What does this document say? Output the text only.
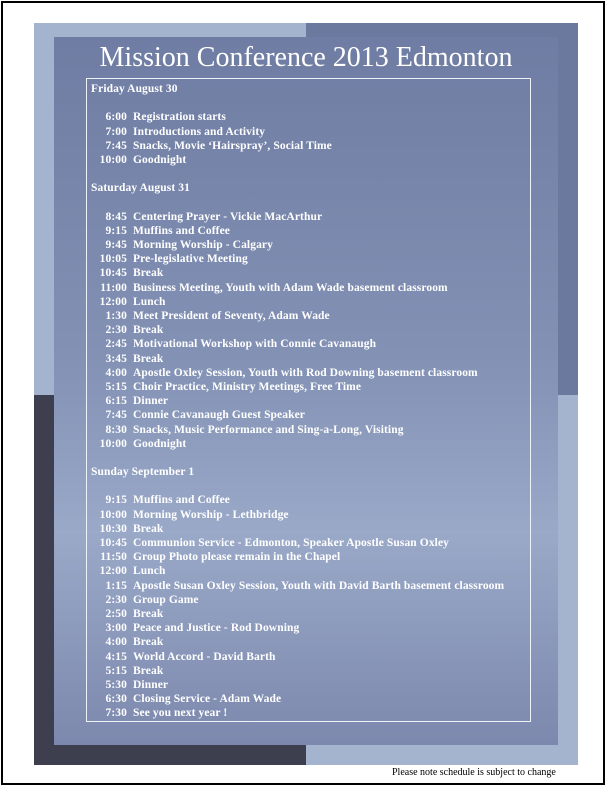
Mission Conference 2013 Edmonton
Friday August 30
6:00 Registration starts
7:00 Introductions and Activity
7:45 Snacks, Movie ‘Hairspray’, Social Time
10:00 Goodnight
Saturday August 31
8:45 Centering Prayer - Vickie MacArthur
9:15 Muffins and Coffee
9:45 Morning Worship - Calgary
10:05 Pre-legislative Meeting
10:45 Break
11:00 Business Meeting, Youth with Adam Wade basement classroom
12:00 Lunch
1:30 Meet President of Seventy, Adam Wade
2:30 Break
2:45 Motivational Workshop with Connie Cavanaugh
3:45 Break
4:00 Apostle Oxley Session, Youth with Rod Downing basement classroom
5:15 Choir Practice, Ministry Meetings, Free Time
6:15 Dinner
7:45 Connie Cavanaugh Guest Speaker
8:30 Snacks, Music Performance and Sing-a-Long, Visiting
10:00 Goodnight
Sunday September 1
9:15 Muffins and Coffee
10:00 Morning Worship - Lethbridge
10:30 Break
10:45 Communion Service - Edmonton, Speaker Apostle Susan Oxley
11:50 Group Photo please remain in the Chapel
12:00 Lunch
1:15 Apostle Susan Oxley Session, Youth with David Barth basement classroom
2:30 Group Game
2:50 Break
3:00 Peace and Justice - Rod Downing
4:00 Break
4:15 World Accord - David Barth
5:15 Break
5:30 Dinner
6:30 Closing Service - Adam Wade
7:30 See you next year !
Please note schedule is subject to change
